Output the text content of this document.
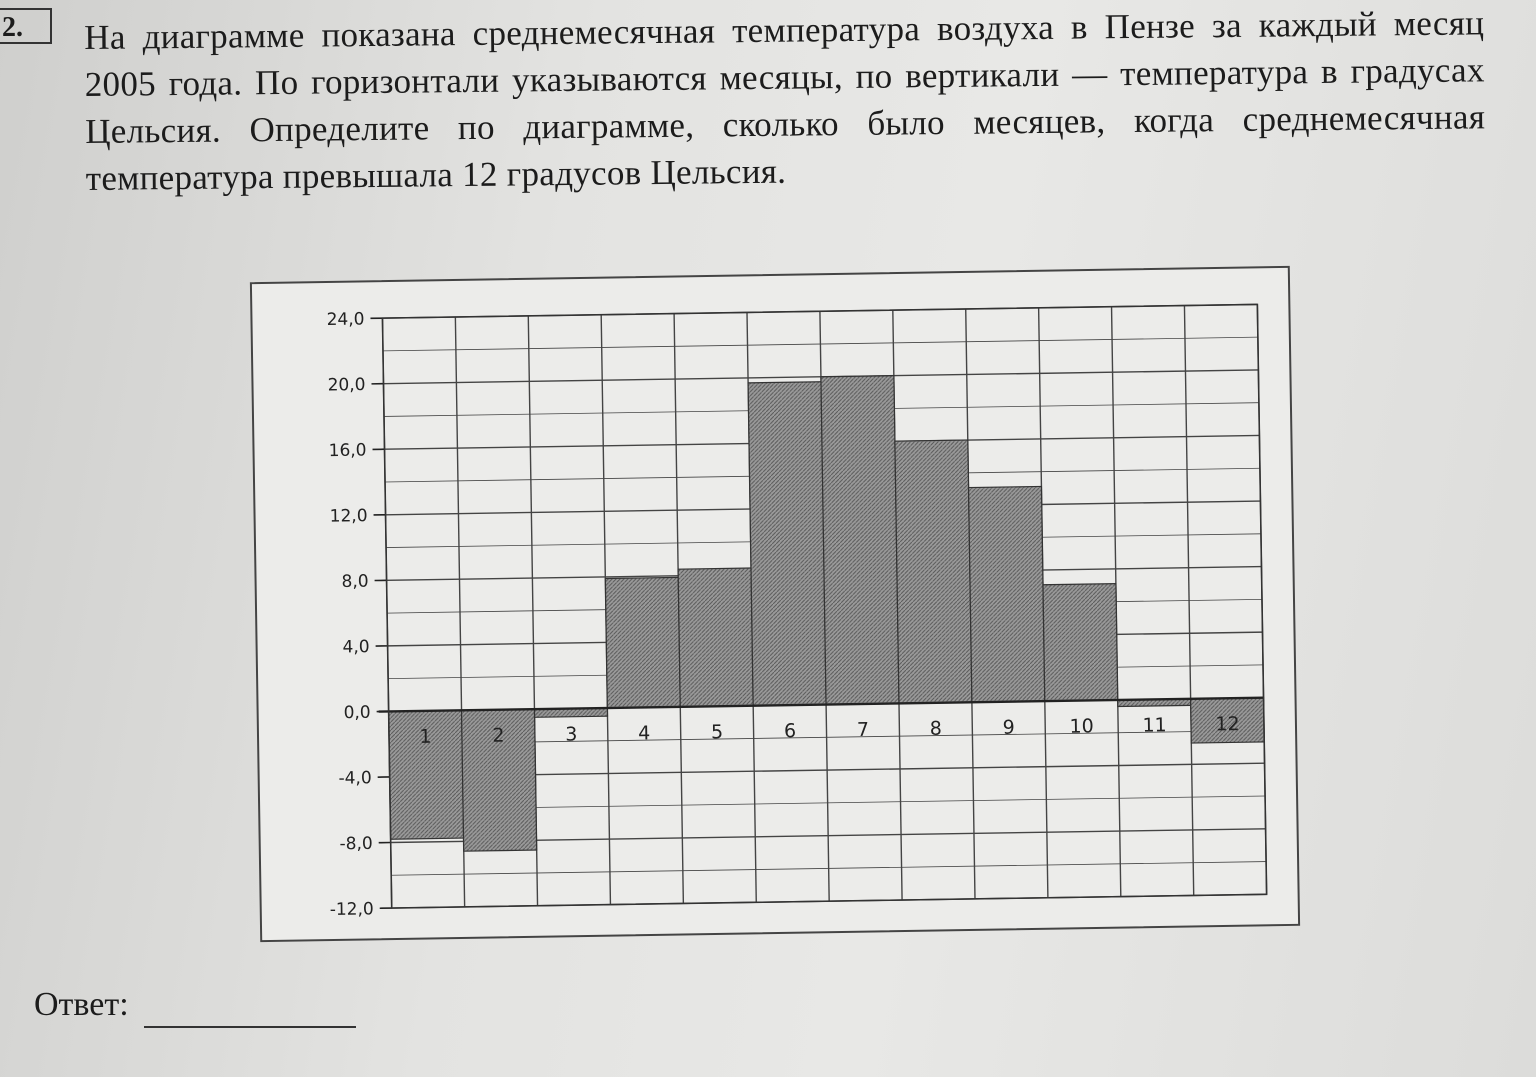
2.	На диаграмме показана среднемесячная температура воздуха в Пензе за каждый месяц 2005 года. По горизонтали указываются месяцы, по вертикали — температура в градусах Цельсия. Определите по диаграмме, сколько было месяцев, когда среднемесячная температура превышала 12 градусов Цельсия.
-12,0
-8,0
-4,0
0,0
4,0
8,0
12,0
16,0
20,0
24,0
1	2	3	4	5	6	7	8	9	10	11	12
Ответ:
